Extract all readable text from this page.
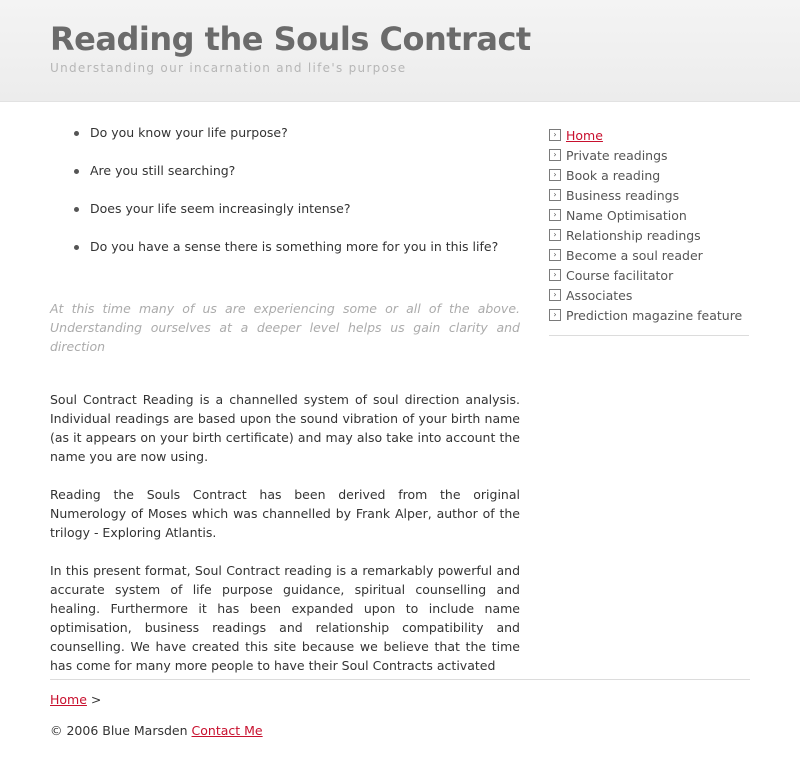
Reading the Souls Contract
Understanding our incarnation and life's purpose
Do you know your life purpose?
Are you still searching?
Does your life seem increasingly intense?
Do you have a sense there is something more for you in this life?

At this time many of us are experiencing some or all of the above. Understanding ourselves at a deeper level helps us gain clarity and direction

Soul Contract Reading is a channelled system of soul direction analysis. Individual readings are based upon the sound vibration of your birth name (as it appears on your birth certificate) and may also take into account the name you are now using.

Reading the Souls Contract has been derived from the original Numerology of Moses which was channelled by Frank Alper, author of the trilogy - Exploring Atlantis.

In this present format, Soul Contract reading is a remarkably powerful and accurate system of life purpose guidance, spiritual counselling and healing. Furthermore it has been expanded upon to include name optimisation, business readings and relationship compatibility and counselling. We have created this site because we believe that the time has come for many more people to have their Soul Contracts activated

› Home
› Private readings
› Book a reading
› Business readings
› Name Optimisation
› Relationship readings
› Become a soul reader
› Course facilitator
› Associates
› Prediction magazine feature
Home >
© 2006 Blue Marsden Contact Me
